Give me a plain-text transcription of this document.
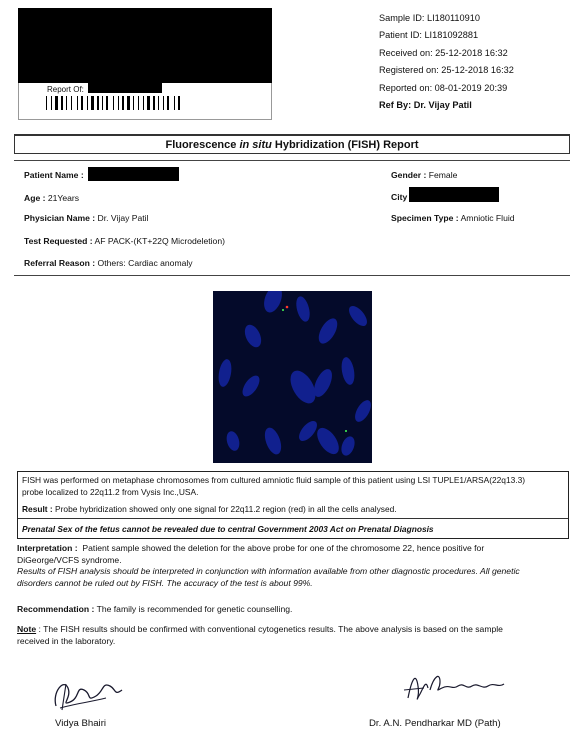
Report Of:
Sample ID: LI180110910
Patient ID: LI181092881
Received on: 25-12-2018 16:32
Registered on: 25-12-2018 16:32
Reported on: 08-01-2019 20:39
Ref By: Dr. Vijay Patil
Fluorescence in situ Hybridization (FISH) Report
Patient Name :	Gender : Female
Age : 21Years	City
Physician Name : Dr. Vijay Patil	Specimen Type : Amniotic Fluid
Test Requested : AF PACK-(KT+22Q Microdeletion)
Referral Reason : Others: Cardiac anomaly
FISH was performed on metaphase chromosomes from cultured amniotic fluid sample of this patient using LSI TUPLE1/ARSA(22q13.3)
probe localized to 22q11.2 from Vysis Inc.,USA.
Result : Probe hybridization showed only one signal for 22q11.2 region (red) in all the cells analysed.
Prenatal Sex of the fetus cannot be revealed due to central Government 2003 Act on Prenatal Diagnosis
Interpretation :  Patient sample showed the deletion for the above probe for one of the chromosome 22, hence positive for
DiGeorge/VCFS syndrome.
Results of FISH analysis should be interpreted in conjunction with information available from other diagnostic procedures. All genetic
disorders cannot be ruled out by FISH. The accuracy of the test is about 99%.
Recommendation : The family is recommended for genetic counselling.
Note : The FISH results should be confirmed with conventional cytogenetics results. The above analysis is based on the sample
received in the laboratory.
Vidya Bhairi	Dr. A.N. Pendharkar MD (Path)
